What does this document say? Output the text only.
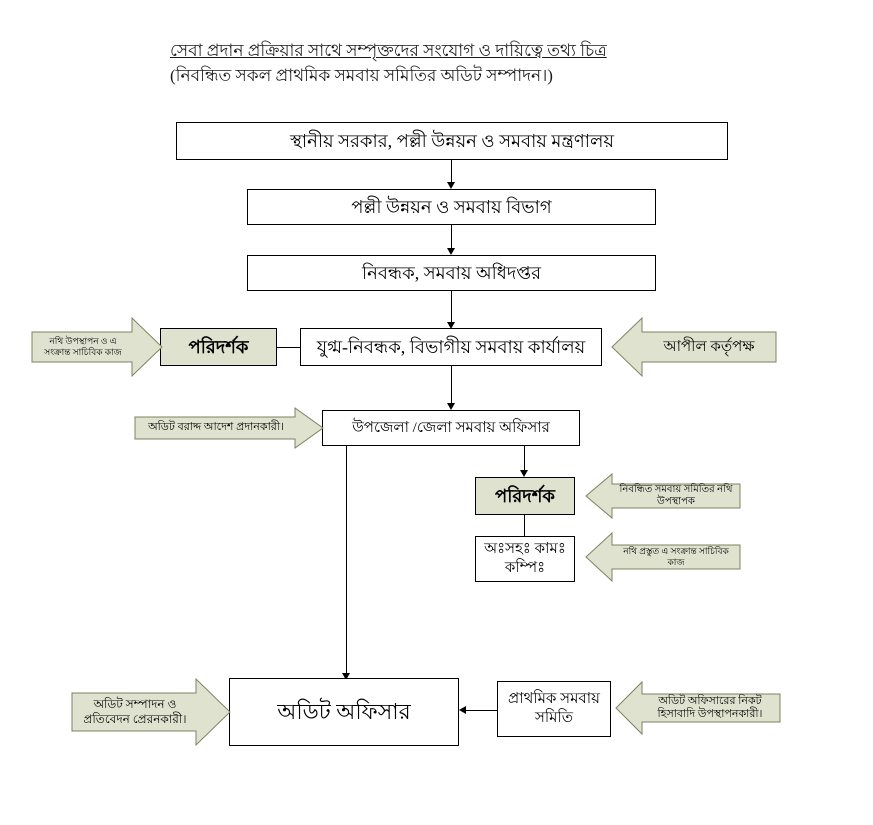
সেবা প্রদান প্রক্রিয়ার সাথে সম্পৃক্তদের সংযোগ ও দায়িত্বে তথ্য চিত্র
(নিবন্ধিত সকল প্রাথমিক সমবায় সমিতির অডিট সম্পাদন।)
স্থানীয় সরকার, পল্লী উন্নয়ন ও সমবায় মন্ত্রণালয়
পল্লী উন্নয়ন ও সমবায় বিভাগ
নিবন্ধক, সমবায় অধিদপ্তর
যুগ্ম-নিবন্ধক, বিভাগীয় সমবায় কার্যালয়
পরিদর্শক
নথি উপস্থাপন ও এ সংক্রান্ত সাচিবিক কাজ	আপীল কর্তৃপক্ষ
উপজেলা /জেলা সমবায় অফিসার
অডিট বরাদ্দ আদেশ প্রদানকারী।
পরিদর্শক	নিবন্ধিত সমবায় সমিতির নথি উপস্থাপক
অঃসহঃ কামঃ কম্পিঃ
নথি প্রস্তুত এ সংক্রান্ত সাচিবিক কাজ
অডিট অফিসার	প্রাথমিক সমবায় সমিতি
অডিট সম্পাদন ও প্রতিবেদন প্রেরনকারী।
অডিট অফিসারের নিকট হিসাবাদি উপস্থাপনকারী।
